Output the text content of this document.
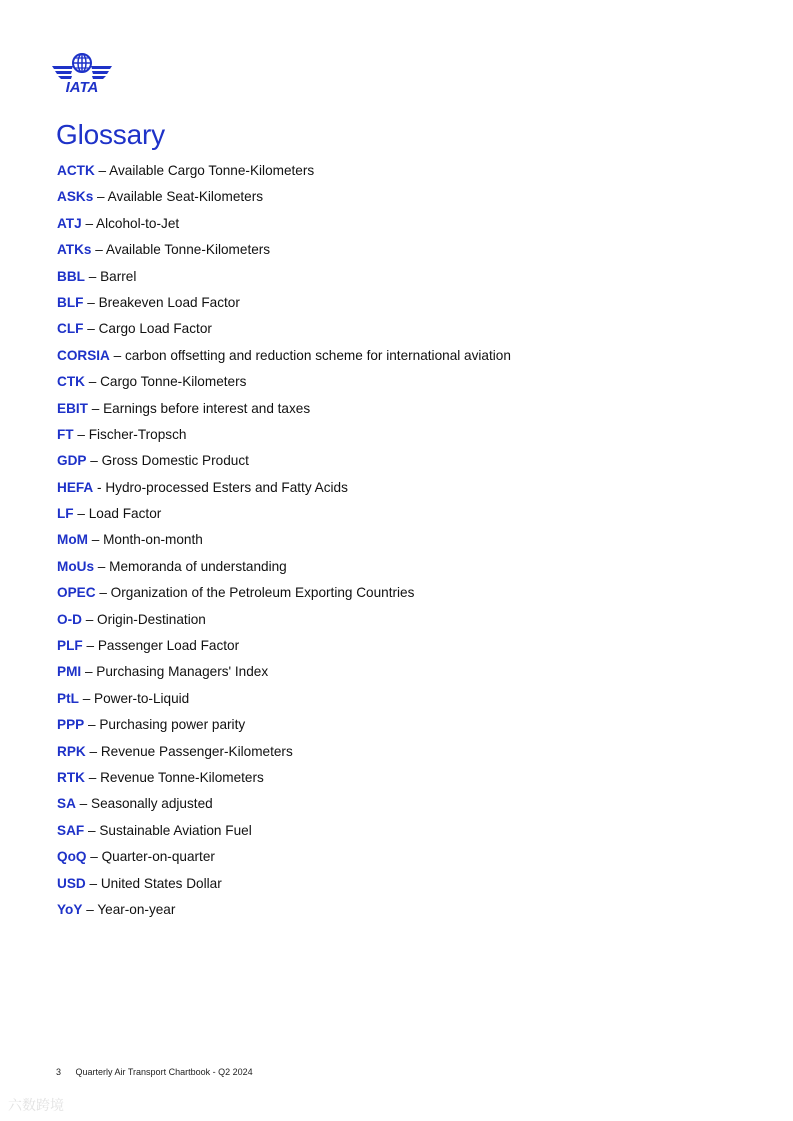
IATA
Glossary
ACTK – Available Cargo Tonne-Kilometers
ASKs – Available Seat-Kilometers
ATJ – Alcohol-to-Jet
ATKs – Available Tonne-Kilometers
BBL – Barrel
BLF – Breakeven Load Factor
CLF – Cargo Load Factor
CORSIA – carbon offsetting and reduction scheme for international aviation
CTK – Cargo Tonne-Kilometers
EBIT – Earnings before interest and taxes
FT – Fischer-Tropsch
GDP – Gross Domestic Product
HEFA - Hydro-processed Esters and Fatty Acids
LF – Load Factor
MoM – Month-on-month
MoUs – Memoranda of understanding
OPEC – Organization of the Petroleum Exporting Countries
O-D – Origin-Destination
PLF – Passenger Load Factor
PMI – Purchasing Managers' Index
PtL – Power-to-Liquid
PPP – Purchasing power parity
RPK – Revenue Passenger-Kilometers
RTK – Revenue Tonne-Kilometers
SA – Seasonally adjusted
SAF – Sustainable Aviation Fuel
QoQ – Quarter-on-quarter
USD – United States Dollar
YoY – Year-on-year
3 Quarterly Air Transport Chartbook - Q2 2024
六数跨境
